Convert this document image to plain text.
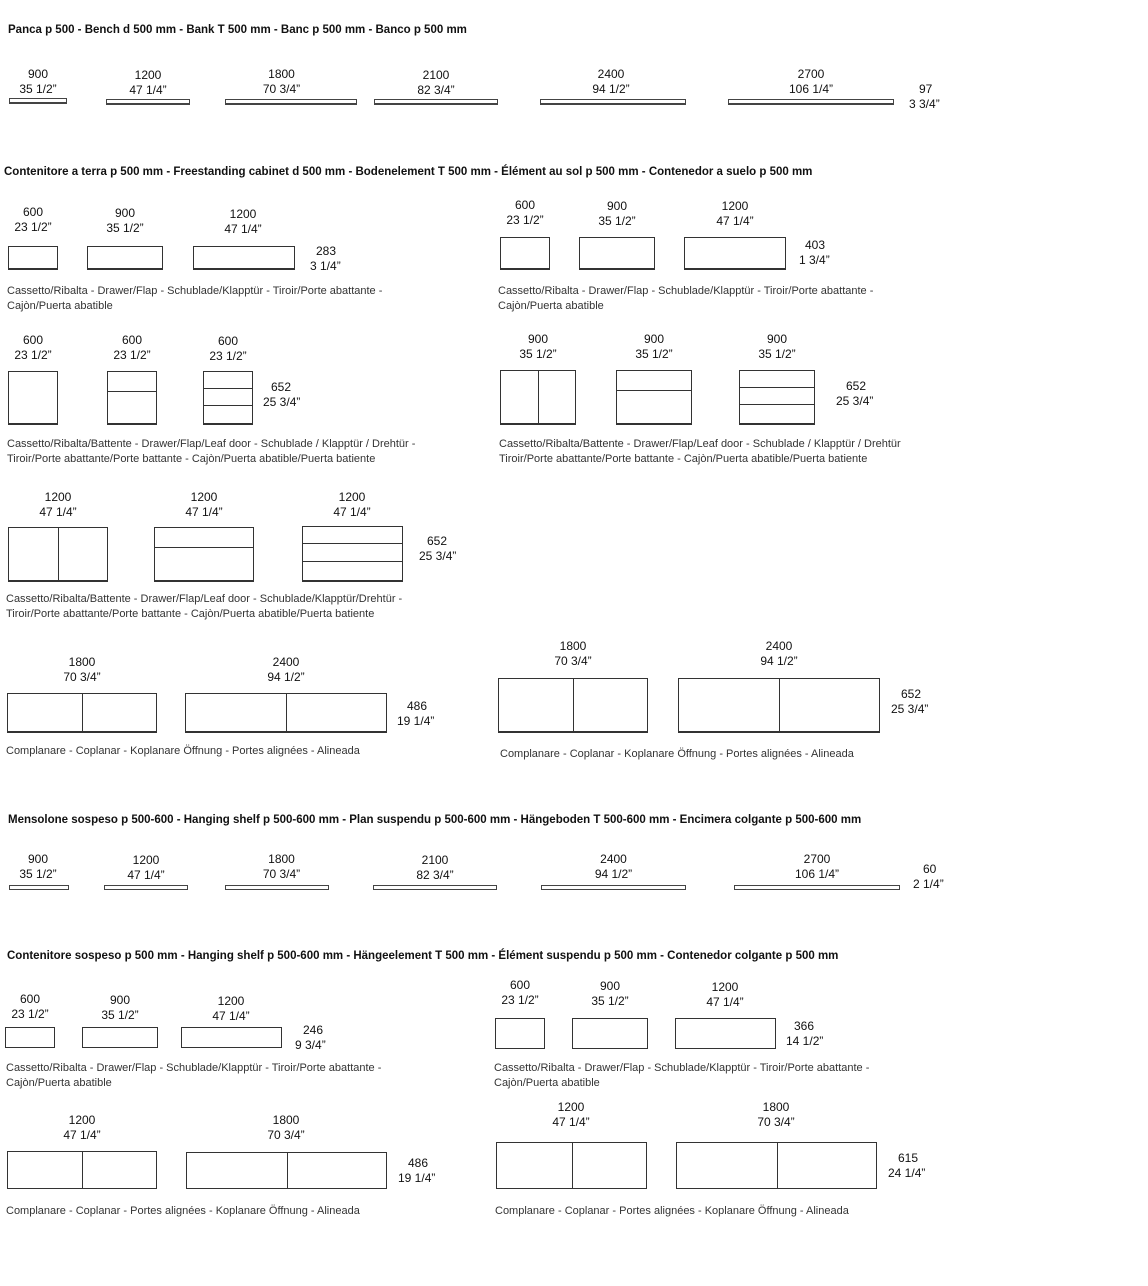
Panca p 500 - Bench d 500 mm - Bank T 500 mm - Banc p 500 mm - Banco p 500 mm
900
35 1/2”
1200
47 1/4”
1800
70 3/4”
2100
82 3/4”
2400
94 1/2”
2700
106 1/4”	97
3 3/4”
Contenitore a terra p 500 mm - Freestanding cabinet d 500 mm - Bodenelement T 500 mm - Élément au sol p 500 mm - Contenedor a suelo p 500 mm
600
23 1/2”
900
35 1/2”
1200
47 1/4”
283
3 1/4”
Cassetto/Ribalta - Drawer/Flap - Schublade/Klapptür - Tiroir/Porte abattante -
Cajòn/Puerta abatible
600
23 1/2”
900
35 1/2”
1200
47 1/4”
403
1 3/4”
Cassetto/Ribalta - Drawer/Flap - Schublade/Klapptür - Tiroir/Porte abattante -
Cajòn/Puerta abatible
600
23 1/2”
600
23 1/2”
600
23 1/2”
652
25 3/4”
Cassetto/Ribalta/Battente - Drawer/Flap/Leaf door - Schublade / Klapptür / Drehtür -
Tiroir/Porte abattante/Porte battante - Cajòn/Puerta abatible/Puerta batiente
900
35 1/2”
900
35 1/2”
900
35 1/2”
652
25 3/4”
Cassetto/Ribalta/Battente - Drawer/Flap/Leaf door - Schublade / Klapptür / Drehtür
Tiroir/Porte abattante/Porte battante - Cajòn/Puerta abatible/Puerta batiente
1200
47 1/4”
1200
47 1/4”
1200
47 1/4”
652
25 3/4”
Cassetto/Ribalta/Battente - Drawer/Flap/Leaf door - Schublade/Klapptür/Drehtür -
Tiroir/Porte abattante/Porte battante - Cajòn/Puerta abatible/Puerta batiente
1800
70 3/4”
2400
94 1/2”
486
19 1/4”
Complanare - Coplanar - Koplanare Öffnung - Portes alignées - Alineada
1800
70 3/4”
2400
94 1/2”
652
25 3/4”
Complanare - Coplanar - Koplanare Öffnung - Portes alignées - Alineada
Mensolone sospeso p 500-600 - Hanging shelf p 500-600 mm - Plan suspendu p 500-600 mm - Hängeboden T 500-600 mm - Encimera colgante p 500-600 mm
900
35 1/2”
1200
47 1/4”
1800
70 3/4”
2100
82 3/4”
2400
94 1/2”
2700
106 1/4”	60
2 1/4”
Contenitore sospeso p 500 mm - Hanging shelf p 500-600 mm - Hängeelement T 500 mm - Élément suspendu p 500 mm - Contenedor colgante p 500 mm
600
23 1/2”
900
35 1/2”
1200
47 1/4”
246
9 3/4”
Cassetto/Ribalta - Drawer/Flap - Schublade/Klapptür - Tiroir/Porte abattante -
Cajòn/Puerta abatible
600
23 1/2”
900
35 1/2”
1200
47 1/4”
366
14 1/2”
Cassetto/Ribalta - Drawer/Flap - Schublade/Klapptür - Tiroir/Porte abattante -
Cajòn/Puerta abatible
1200
47 1/4”
1800
70 3/4”
486
19 1/4”
Complanare - Coplanar - Portes alignées - Koplanare Öffnung - Alineada
1200
47 1/4”
1800
70 3/4”
615
24 1/4”
Complanare - Coplanar - Portes alignées - Koplanare Öffnung - Alineada
